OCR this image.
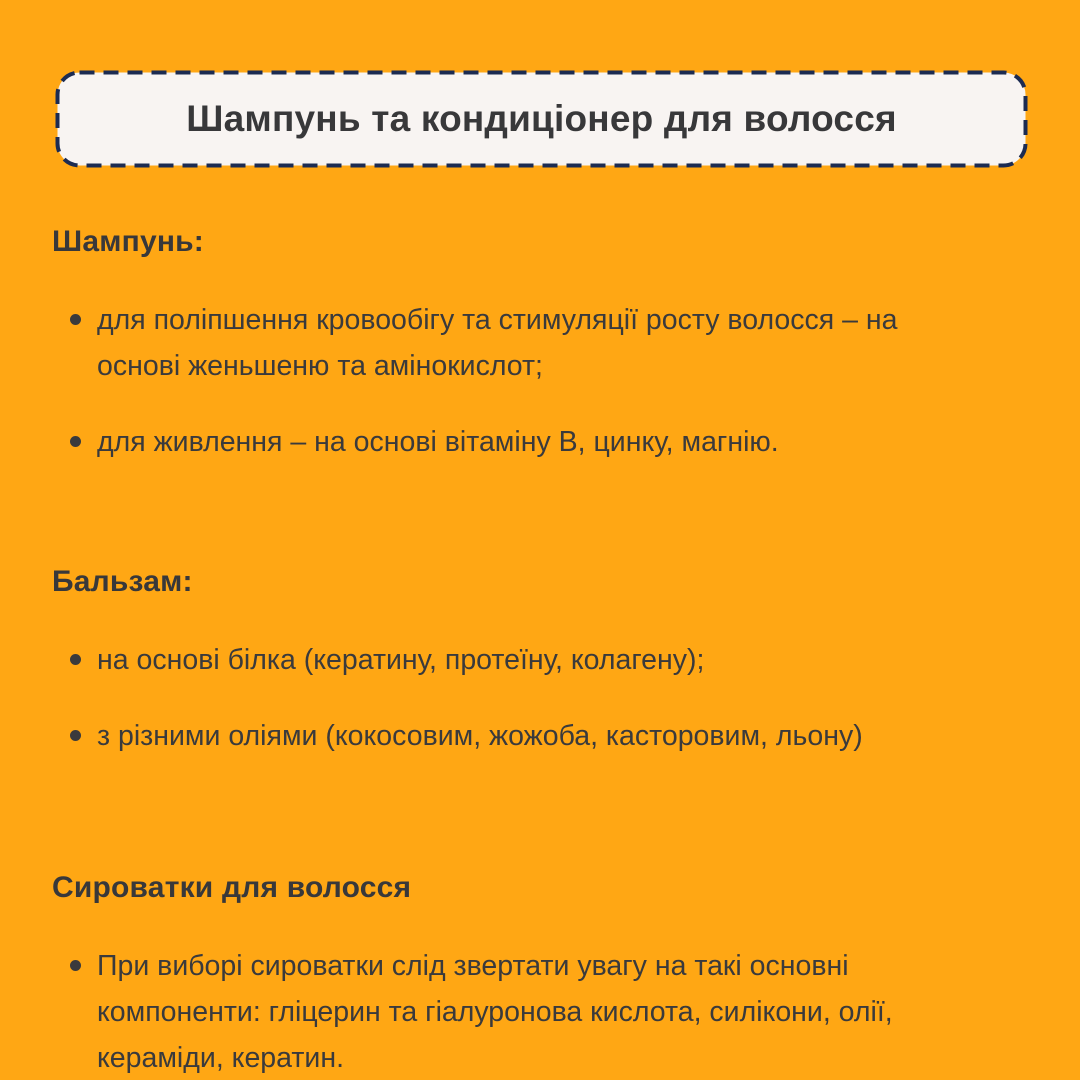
Шампунь та кондиціонер для волосся
Шампунь:
для поліпшення кровообігу та стимуляції росту волосся – на основі женьшеню та амінокислот;
для живлення – на основі вітаміну B, цинку, магнію.
Бальзам:
на основі білка (кератину, протеїну, колагену);
з різними оліями (кокосовим, жожоба, касторовим, льону)
Сироватки для волосся
При виборі сироватки слід звертати увагу на такі основні компоненти: гліцерин та гіалуронова кислота, силікони, олії, кераміди, кератин.
